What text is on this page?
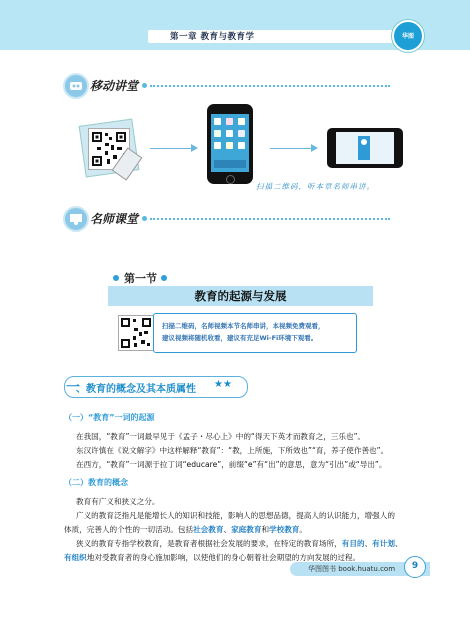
第一章 教育与教育学	华图
移动讲堂
扫描二维码，听本章名师串讲。
名师课堂
第一节
教育的起源与发展
扫描二维码，名师视频本节名师串讲，本视频免费观看，
建议视频将随机收看，建议有充足Wi-Fi环境下观看。
一
、教育的概念及其本质属性 ★★
（一）“教育”一词的起源
在我国，“教育”一词最早见于《孟子・尽心上》中的“得天下英才而教育之，三乐也”。
东汉许慎在《说文解字》中这样解释“教育”：“教，上所施，下所效也”“育，养子使作善也”。
在西方，“教育”一词源于拉丁词“educare”，前缀“e”有“出”的意思，意为“引出”或“导出”。
（二）教育的概念
教育有广义和狭义之分。
广义的教育泛指凡是能增长人的知识和技能，影响人的思想品德，提高人的认识能力，增强人的
体质，完善人的个性的一切活动。包括社会教育、家庭教育和学校教育。
狭义的教育专指学校教育，是教育者根据社会发展的要求，在特定的教育场所，有目的、有计划、
有组织地对受教育者的身心施加影响，以使他们的身心朝着社会期望的方向发展的过程。
华图图书 book.huatu.com	9
